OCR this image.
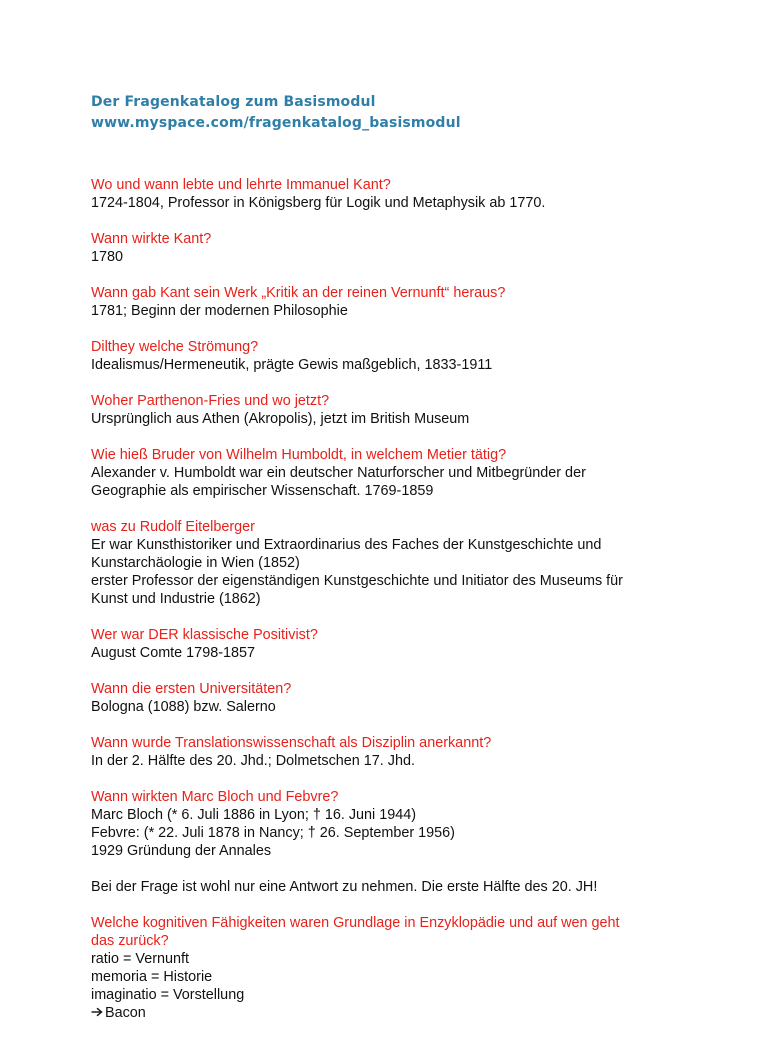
Der Fragenkatalog zum Basismodul
www.myspace.com/fragenkatalog_basismodul
Wo und wann lebte und lehrte Immanuel Kant?
1724-1804, Professor in Königsberg für Logik und Metaphysik ab 1770.
Wann wirkte Kant?
1780
Wann gab Kant sein Werk „Kritik an der reinen Vernunft“ heraus?
1781; Beginn der modernen Philosophie
Dilthey welche Strömung?
Idealismus/Hermeneutik, prägte Gewis maßgeblich, 1833-1911
Woher Parthenon-Fries und wo jetzt?
Ursprünglich aus Athen (Akropolis), jetzt im British Museum
Wie hieß Bruder von Wilhelm Humboldt, in welchem Metier tätig?
Alexander v. Humboldt war ein deutscher Naturforscher und Mitbegründer der
Geographie als empirischer Wissenschaft. 1769-1859
was zu Rudolf Eitelberger
Er war Kunsthistoriker und Extraordinarius des Faches der Kunstgeschichte und
Kunstarchäologie in Wien (1852)
erster Professor der eigenständigen Kunstgeschichte und Initiator des Museums für
Kunst und Industrie (1862)
Wer war DER klassische Positivist?
August Comte 1798-1857
Wann die ersten Universitäten?
Bologna (1088) bzw. Salerno
Wann wurde Translationswissenschaft als Disziplin anerkannt?
In der 2. Hälfte des 20. Jhd.; Dolmetschen 17. Jhd.
Wann wirkten Marc Bloch und Febvre?
Marc Bloch (* 6. Juli 1886 in Lyon; † 16. Juni 1944)
Febvre: (* 22. Juli 1878 in Nancy; † 26. September 1956)
1929 Gründung der Annales
Bei der Frage ist wohl nur eine Antwort zu nehmen. Die erste Hälfte des 20. JH!
Welche kognitiven Fähigkeiten waren Grundlage in Enzyklopädie und auf wen geht
das zurück?
ratio = Vernunft
memoria = Historie
imaginatio = Vorstellung
Bacon
